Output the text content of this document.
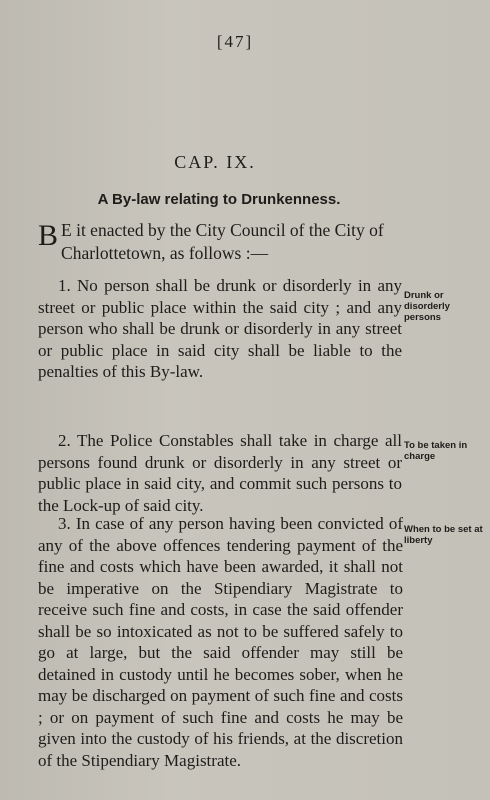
[47]
CAP. IX.
A By-law relating to Drunkenness.
B E it enacted by the City Council of the City of Charlottetown, as follows :—
1. No person shall be drunk or disorderly in any street or public place within the said city ; and any person who shall be drunk or disorderly in any street or public place in said city shall be liable to the penalties of this By-law.
Drunk or disorderly persons
2. The Police Constables shall take in charge all persons found drunk or disorderly in any street or public place in said city, and commit such persons to the Lock-up of said city.
To be taken in charge
3. In case of any person having been convicted of any of the above offences tendering payment of the fine and costs which have been awarded, it shall not be imperative on the Stipendiary Magistrate to receive such fine and costs, in case the said offender shall be so intoxicated as not to be suffered safely to go at large, but the said offender may still be detained in custody until he becomes sober, when he may be discharged on payment of such fine and costs ; or on payment of such fine and costs he may be given into the custody of his friends, at the discretion of the Stipendiary Magistrate.
When to be set at liberty
